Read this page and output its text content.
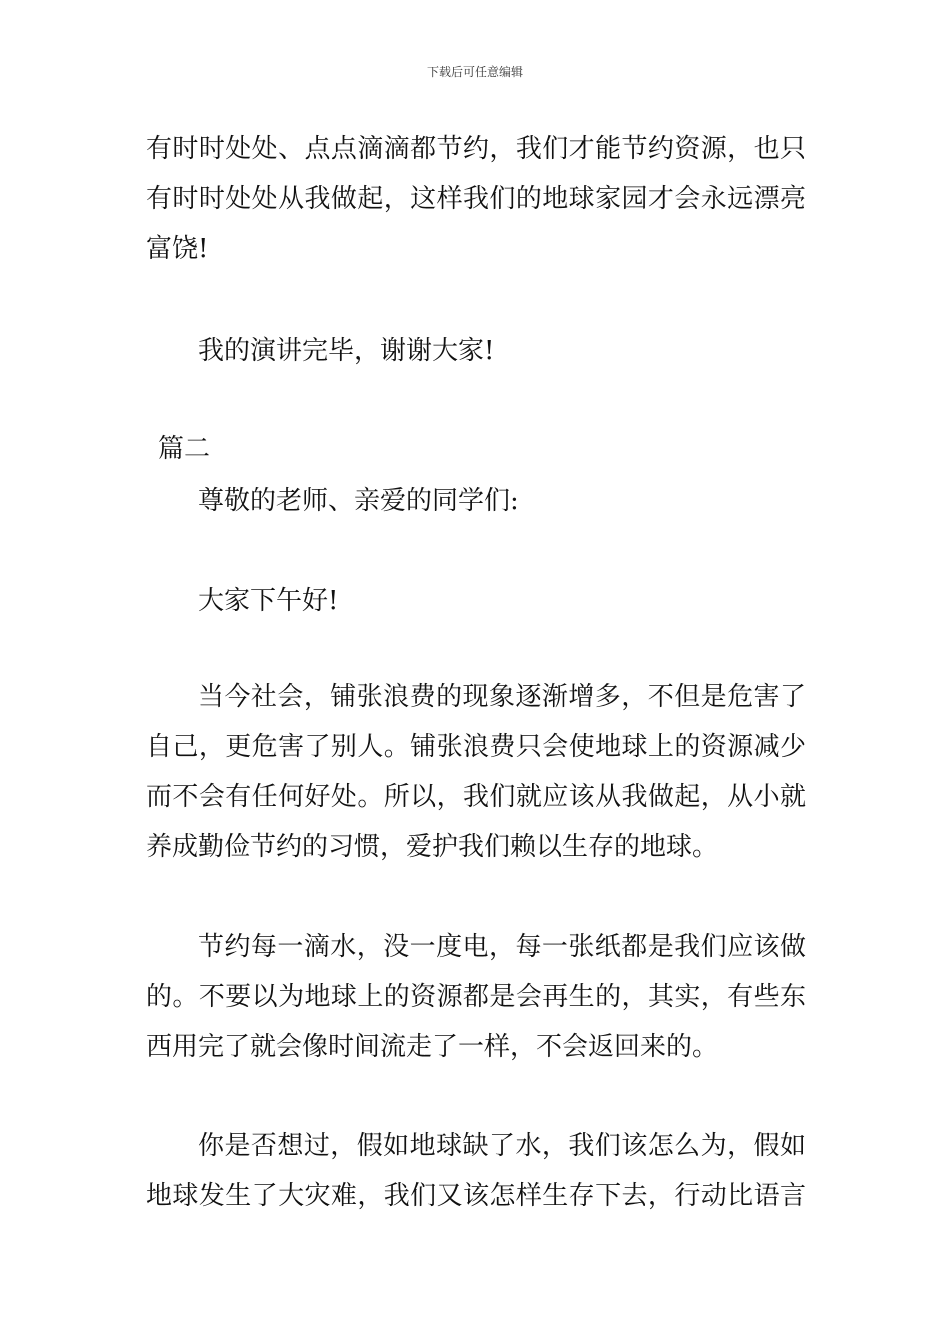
下载后可任意编辑
有时时处处、点点滴滴都节约，我们才能节约资源，也只
有时时处处从我做起，这样我们的地球家园才会永远漂亮
富饶!
我的演讲完毕，谢谢大家!
篇二
尊敬的老师、亲爱的同学们:
大家下午好!
当今社会，铺张浪费的现象逐渐增多，不但是危害了
自己，更危害了别人。铺张浪费只会使地球上的资源减少
而不会有任何好处。所以，我们就应该从我做起，从小就
养成勤俭节约的习惯，爱护我们赖以生存的地球。
节约每一滴水，没一度电，每一张纸都是我们应该做
的。不要以为地球上的资源都是会再生的，其实，有些东
西用完了就会像时间流走了一样，不会返回来的。
你是否想过，假如地球缺了水，我们该怎么为，假如
地球发生了大灾难，我们又该怎样生存下去，行动比语言
